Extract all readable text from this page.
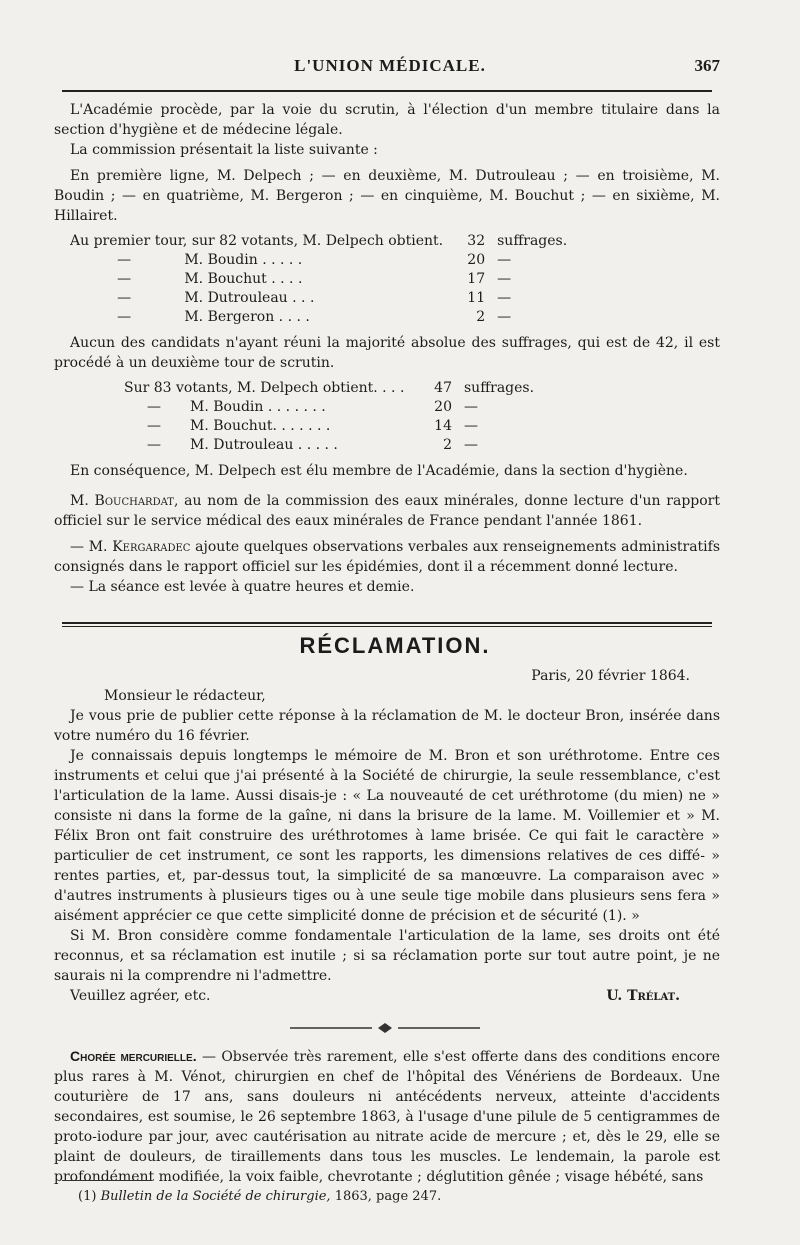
L'UNION MÉDICALE.	367

L'Académie procède, par la voie du scrutin, à l'élection d'un membre titulaire dans la section d'hygiène et de médecine légale.

La commission présentait la liste suivante :

En première ligne, M. Delpech ; — en deuxième, M. Dutrouleau ; — en troisième, M. Boudin ; — en quatrième, M. Bergeron ; — en cinquième, M. Bouchut ; — en sixième, M. Hillairet.

Au premier tour, sur 82 votants, M. Delpech obtient.		32	suffrages.
—	M. Boudin . . . . .	20	—
—	M. Bouchut . . . .	17	—
—	M. Dutrouleau . . .	11	—
—	M. Bergeron . . . .	2	—

Aucun des candidats n'ayant réuni la majorité absolue des suffrages, qui est de 42, il est procédé à un deuxième tour de scrutin.

Sur 83 votants, M. Delpech obtient. . . .		47	suffrages.
—	M. Boudin . . . . . . .	20	—
—	M. Bouchut. . . . . . .	14	—
—	M. Dutrouleau . . . . .	2	—

En conséquence, M. Delpech est élu membre de l'Académie, dans la section d'hygiène.

M. Bouchardat, au nom de la commission des eaux minérales, donne lecture d'un rapport officiel sur le service médical des eaux minérales de France pendant l'année 1861.

— M. Kergaradec ajoute quelques observations verbales aux renseignements administratifs consignés dans le rapport officiel sur les épidémies, dont il a récemment donné lecture.

— La séance est levée à quatre heures et demie.

RÉCLAMATION.

Paris, 20 février 1864.

Monsieur le rédacteur,

Je vous prie de publier cette réponse à la réclamation de M. le docteur Bron, insérée dans votre numéro du 16 février.

Je connaissais depuis longtemps le mémoire de M. Bron et son uréthrotome. Entre ces instruments et celui que j'ai présenté à la Société de chirurgie, la seule ressemblance, c'est l'articulation de la lame. Aussi disais-je : « La nouveauté de cet uréthrotome (du mien) ne » consiste ni dans la forme de la gaîne, ni dans la brisure de la lame. M. Voillemier et » M. Félix Bron ont fait construire des uréthrotomes à lame brisée. Ce qui fait le caractère » particulier de cet instrument, ce sont les rapports, les dimensions relatives de ces diffé- » rentes parties, et, par-dessus tout, la simplicité de sa manœuvre. La comparaison avec » d'autres instruments à plusieurs tiges ou à une seule tige mobile dans plusieurs sens fera » aisément apprécier ce que cette simplicité donne de précision et de sécurité (1). »

Si M. Bron considère comme fondamentale l'articulation de la lame, ses droits ont été reconnus, et sa réclamation est inutile ; si sa réclamation porte sur tout autre point, je ne saurais ni la comprendre ni l'admettre.

Veuillez agréer, etc.	U. Trélat.

Chorée mercurielle. — Observée très rarement, elle s'est offerte dans des conditions encore plus rares à M. Vénot, chirurgien en chef de l'hôpital des Vénériens de Bordeaux. Une couturière de 17 ans, sans douleurs ni antécédents nerveux, atteinte d'accidents secondaires, est soumise, le 26 septembre 1863, à l'usage d'une pilule de 5 centigrammes de proto-iodure par jour, avec cautérisation au nitrate acide de mercure ; et, dès le 29, elle se plaint de douleurs, de tiraillements dans tous les muscles. Le lendemain, la parole est profondément modifiée, la voix faible, chevrotante ; déglutition gênée ; visage hébété, sans

(1) Bulletin de la Société de chirurgie, 1863, page 247.
